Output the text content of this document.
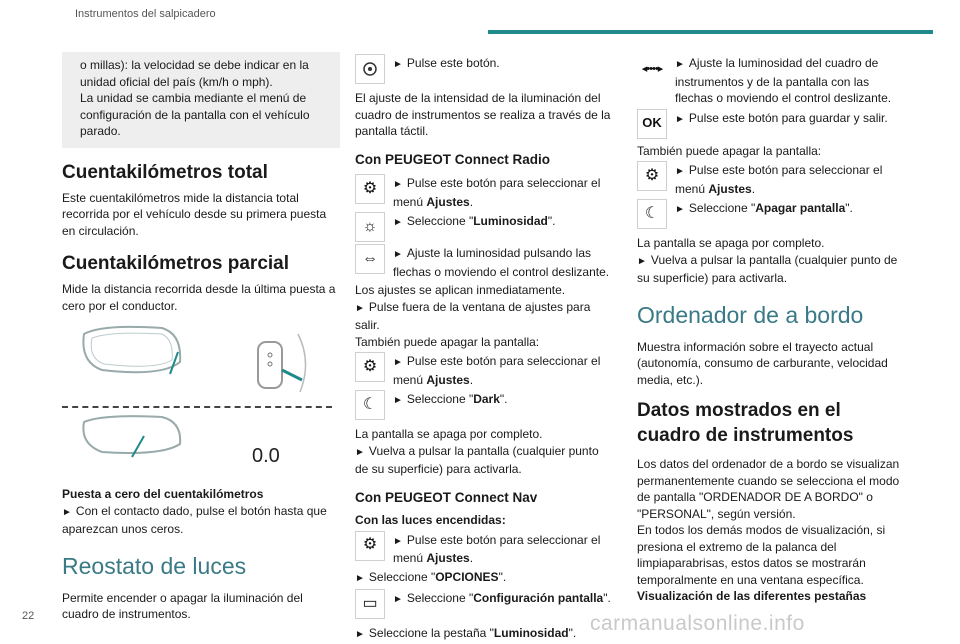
Instrumentos del salpicadero

o millas): la velocidad se debe indicar en la unidad oficial del país (km/h o mph).
La unidad se cambia mediante el menú de configuración de la pantalla con el vehículo parado.

Cuentakilómetros total

Este cuentakilómetros mide la distancia total recorrida por el vehículo desde su primera puesta en circulación.

Cuentakilómetros parcial

Mide la distancia recorrida desde la última puesta a cero por el conductor.

0.0

Puesta a cero del cuentakilómetros

► Con el contacto dado, pulse el botón hasta que aparezcan unos ceros.

Reostato de luces

Permite encender o apagar la iluminación del cuadro de instrumentos.

► Pulse este botón.

El ajuste de la intensidad de la iluminación del cuadro de instrumentos se realiza a través de la pantalla táctil.

Con PEUGEOT Connect Radio
⚙	► Pulse este botón para seleccionar el menú Ajustes.
☼	► Seleccione "Luminosidad".
⇔	► Ajuste la luminosidad pulsando las flechas o moviendo el control deslizante.

Los ajustes se aplican inmediatamente.

► Pulse fuera de la ventana de ajustes para salir.

También puede apagar la pantalla:

⚙	► Pulse este botón para seleccionar el menú Ajustes.
☾	► Seleccione "Dark".

La pantalla se apaga por completo.

► Vuelva a pulsar la pantalla (cualquier punto de su superficie) para activarla.

Con PEUGEOT Connect Nav

Con las luces encendidas:

⚙	► Pulse este botón para seleccionar el menú Ajustes.

► Seleccione "OPCIONES".

▭	► Seleccione "Configuración pantalla".

► Seleccione la pestaña "Luminosidad".

◂••••▸	► Ajuste la luminosidad del cuadro de instrumentos y de la pantalla con las flechas o moviendo el control deslizante.
OK	► Pulse este botón para guardar y salir.

También puede apagar la pantalla:

⚙	► Pulse este botón para seleccionar el menú Ajustes.
☾	► Seleccione "Apagar pantalla".

La pantalla se apaga por completo.

► Vuelva a pulsar la pantalla (cualquier punto de su superficie) para activarla.

Ordenador de a bordo

Muestra información sobre el trayecto actual (autonomía, consumo de carburante, velocidad media, etc.).

Datos mostrados en el cuadro de instrumentos

Los datos del ordenador de a bordo se visualizan permanentemente cuando se selecciona el modo de pantalla "ORDENADOR DE A BORDO" o "PERSONAL", según versión.
En todos los demás modos de visualización, si presiona el extremo de la palanca del limpiaparabrisas, estos datos se mostrarán temporalmente en una ventana específica.

Visualización de las diferentes pestañas

22	carmanualsonline.info
